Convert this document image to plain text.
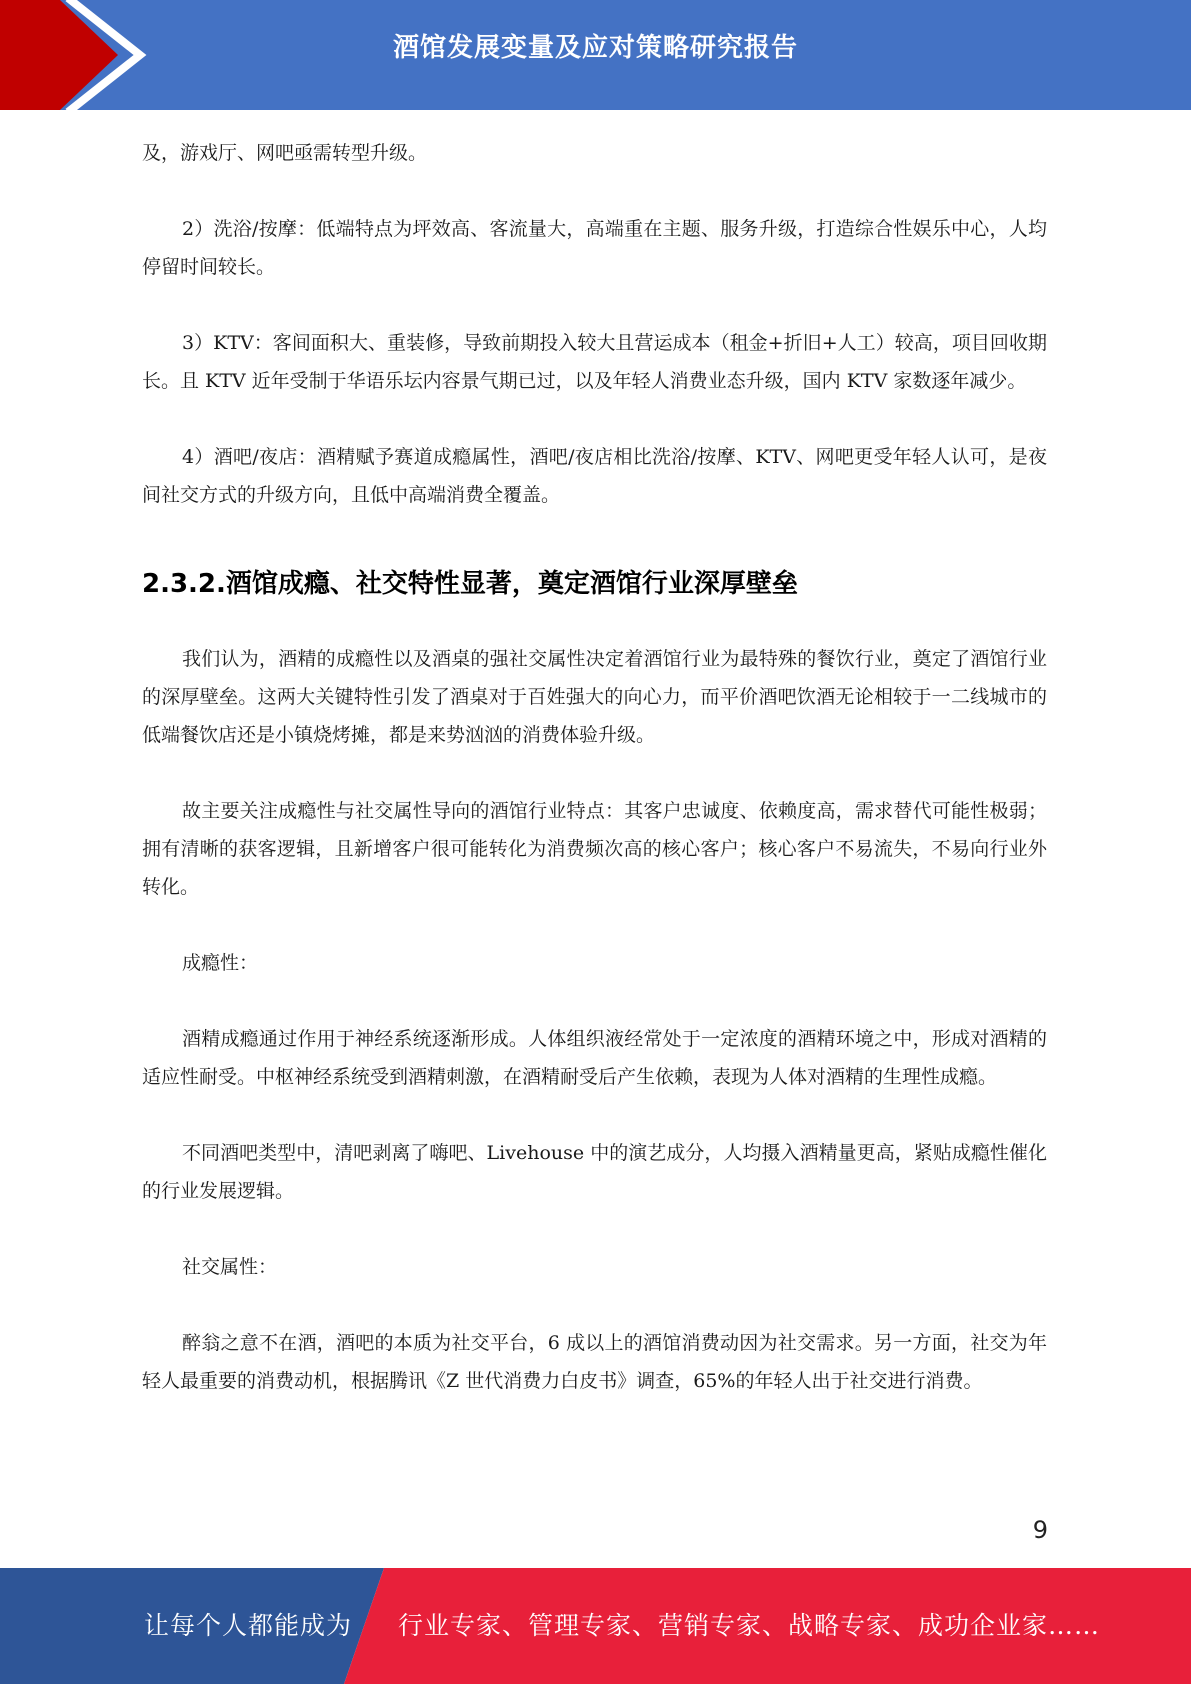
酒馆发展变量及应对策略研究报告

及，游戏厅、网吧亟需转型升级。

2）洗浴/按摩：低端特点为坪效高、客流量大，高端重在主题、服务升级，打造综合性娱乐中心，人均停留时间较长。

3）KTV：客间面积大、重装修，导致前期投入较大且营运成本（租金+折旧+人工）较高，项目回收期长。且 KTV 近年受制于华语乐坛内容景气期已过，以及年轻人消费业态升级，国内 KTV 家数逐年减少。

4）酒吧/夜店：酒精赋予赛道成瘾属性，酒吧/夜店相比洗浴/按摩、KTV、网吧更受年轻人认可，是夜间社交方式的升级方向，且低中高端消费全覆盖。

2.3.2.酒馆成瘾、社交特性显著，奠定酒馆行业深厚壁垒

我们认为，酒精的成瘾性以及酒桌的强社交属性决定着酒馆行业为最特殊的餐饮行业，奠定了酒馆行业的深厚壁垒。这两大关键特性引发了酒桌对于百姓强大的向心力，而平价酒吧饮酒无论相较于一二线城市的低端餐饮店还是小镇烧烤摊，都是来势汹汹的消费体验升级。

故主要关注成瘾性与社交属性导向的酒馆行业特点：其客户忠诚度、依赖度高，需求替代可能性极弱；拥有清晰的获客逻辑，且新增客户很可能转化为消费频次高的核心客户；核心客户不易流失，不易向行业外转化。

成瘾性：

酒精成瘾通过作用于神经系统逐渐形成。人体组织液经常处于一定浓度的酒精环境之中，形成对酒精的适应性耐受。中枢神经系统受到酒精刺激，在酒精耐受后产生依赖，表现为人体对酒精的生理性成瘾。

不同酒吧类型中，清吧剥离了嗨吧、Livehouse 中的演艺成分，人均摄入酒精量更高，紧贴成瘾性催化的行业发展逻辑。

社交属性：

醉翁之意不在酒，酒吧的本质为社交平台，6 成以上的酒馆消费动因为社交需求。另一方面，社交为年轻人最重要的消费动机，根据腾讯《Z 世代消费力白皮书》调查，65%的年轻人出于社交进行消费。

9
让每个人都能成为 行业专家、管理专家、营销专家、战略专家、成功企业家……
